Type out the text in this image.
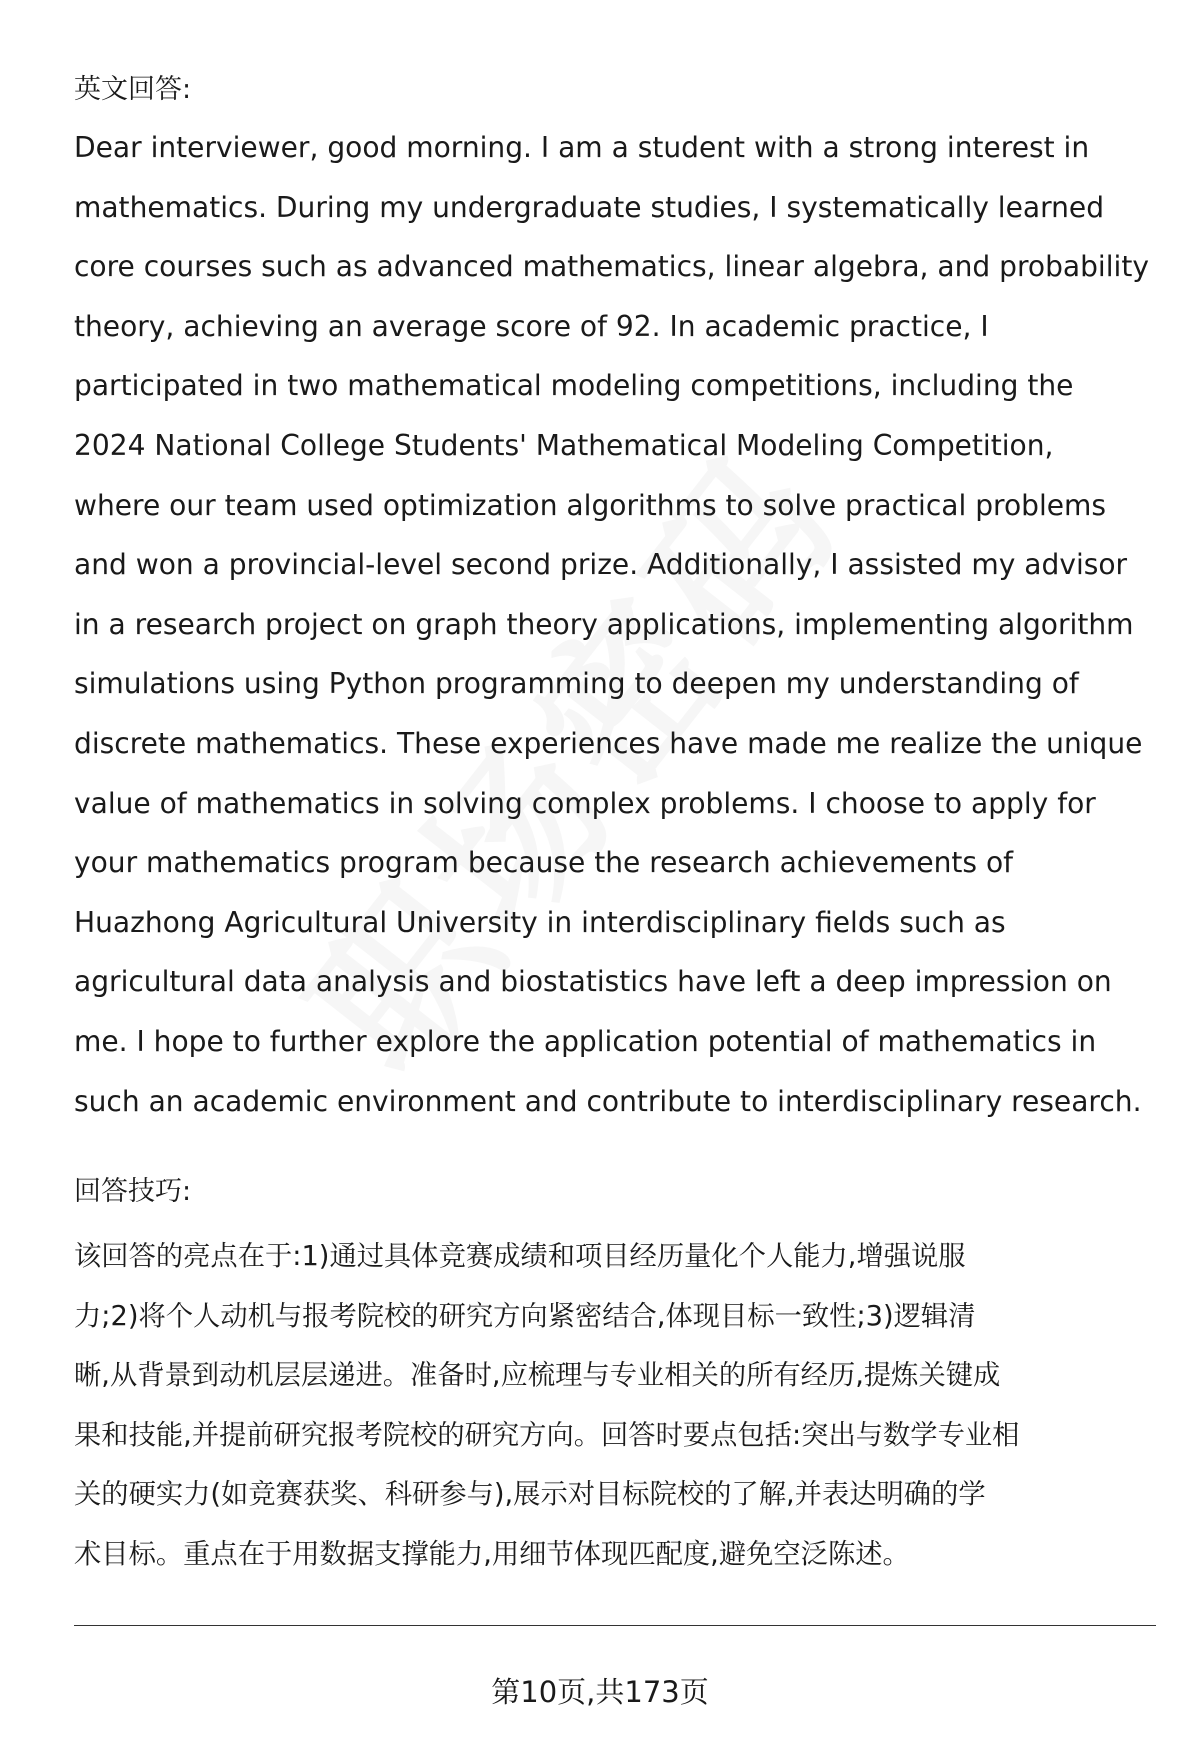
英文回答:
Dear interviewer, good morning. I am a student with a strong interest in
mathematics. During my undergraduate studies, I systematically learned
core courses such as advanced mathematics, linear algebra, and probability
theory, achieving an average score of 92. In academic practice, I
participated in two mathematical modeling competitions, including the
2024 National College Students' Mathematical Modeling Competition,
where our team used optimization algorithms to solve practical problems
and won a provincial-level second prize. Additionally, I assisted my advisor
in a research project on graph theory applications, implementing algorithm
simulations using Python programming to deepen my understanding of
discrete mathematics. These experiences have made me realize the unique
value of mathematics in solving complex problems. I choose to apply for
your mathematics program because the research achievements of
Huazhong Agricultural University in interdisciplinary fields such as
agricultural data analysis and biostatistics have left a deep impression on
me. I hope to further explore the application potential of mathematics in
such an academic environment and contribute to interdisciplinary research.
回答技巧:
该回答的亮点在于:1)通过具体竞赛成绩和项目经历量化个人能力,增强说服
力;2)将个人动机与报考院校的研究方向紧密结合,体现目标一致性;3)逻辑清
晰,从背景到动机层层递进。准备时,应梳理与专业相关的所有经历,提炼关键成
果和技能,并提前研究报考院校的研究方向。回答时要点包括:突出与数学专业相
关的硬实力(如竞赛获奖、科研参与),展示对目标院校的了解,并表达明确的学
术目标。重点在于用数据支撑能力,用细节体现匹配度,避免空泛陈述。
第10页,共173页
